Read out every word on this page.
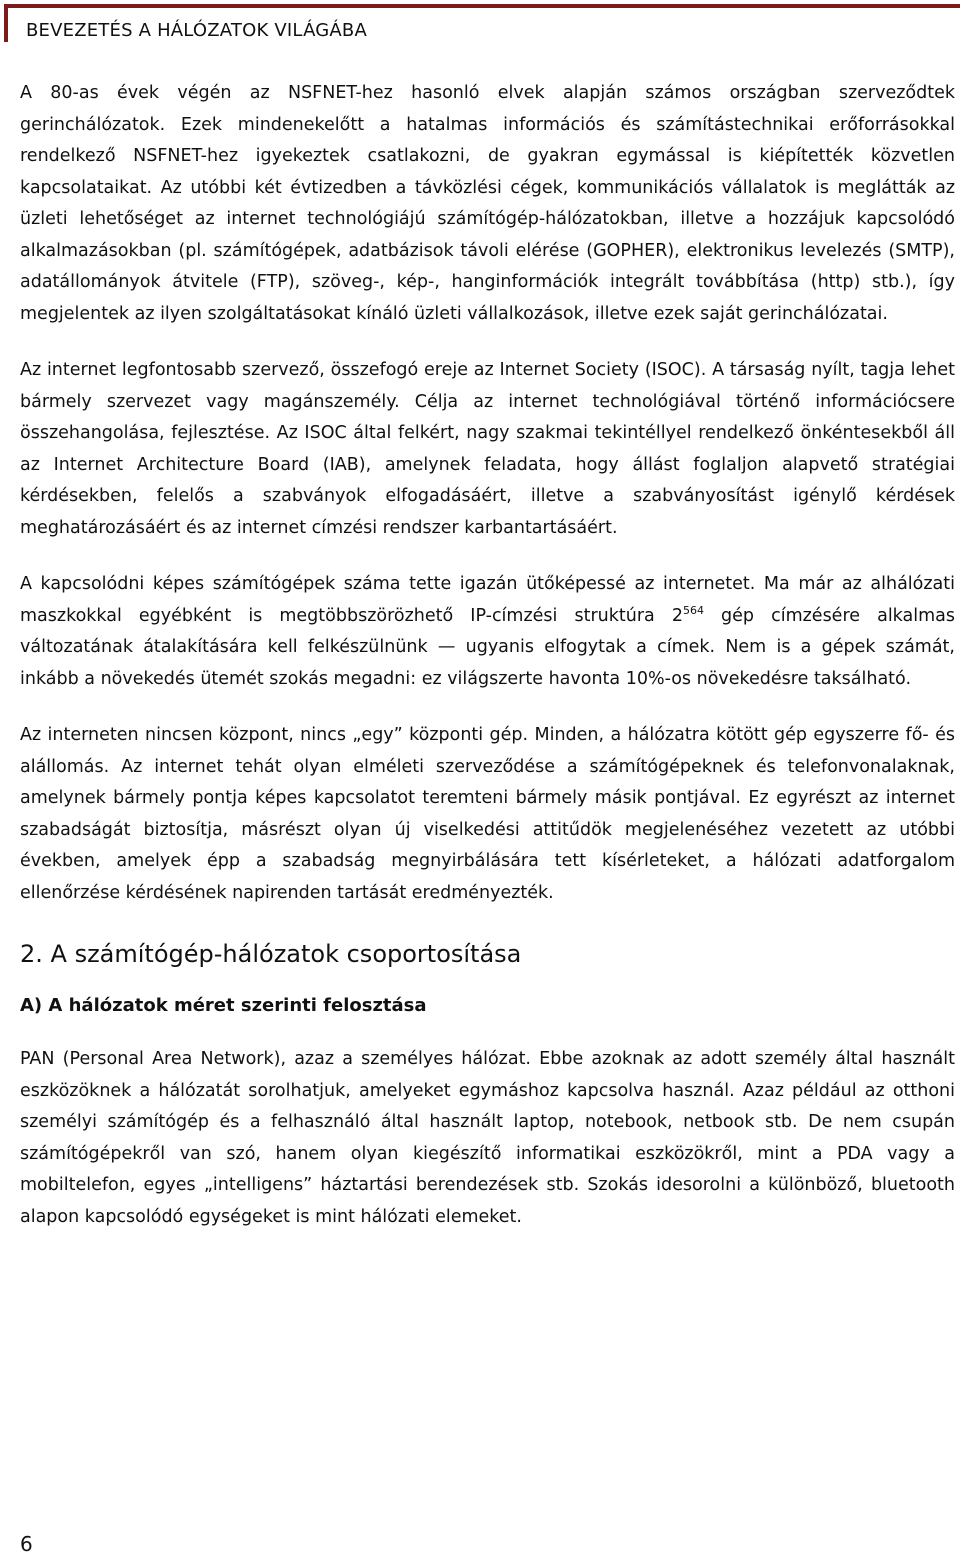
BEVEZETÉS A HÁLÓZATOK VILÁGÁBA

A 80-as évek végén az NSFNET-hez hasonló elvek alapján számos országban szerveződtek gerinchálózatok. Ezek mindenekelőtt a hatalmas információs és számítástechnikai erőforrásokkal rendelkező NSFNET-hez igyekeztek csatlakozni, de gyakran egymással is kiépítették közvetlen kapcsolataikat. Az utóbbi két évtizedben a távközlési cégek, kommunikációs vállalatok is meglátták az üzleti lehetőséget az internet technológiájú számítógép-hálózatokban, illetve a hozzájuk kapcsolódó alkalmazásokban (pl. számítógépek, adatbázisok távoli elérése (GOPHER), elektronikus levelezés (SMTP), adatállományok átvitele (FTP), szöveg-, kép-, hanginformációk integrált továbbítása (http) stb.), így megjelentek az ilyen szolgáltatásokat kínáló üzleti vállalkozások, illetve ezek saját gerinchálózatai.

Az internet legfontosabb szervező, összefogó ereje az Internet Society (ISOC). A társaság nyílt, tagja lehet bármely szervezet vagy magánszemély. Célja az internet technológiával történő információcsere összehangolása, fejlesztése. Az ISOC által felkért, nagy szakmai tekintéllyel rendelkező önkéntesekből áll az Internet Architecture Board (IAB), amelynek feladata, hogy állást foglaljon alapvető stratégiai kérdésekben, felelős a szabványok elfogadásáért, illetve a szabványosítást igénylő kérdések meghatározásáért és az internet címzési rendszer karbantartásáért.

A kapcsolódni képes számítógépek száma tette igazán ütőképessé az internetet. Ma már az alhálózati maszkokkal egyébként is megtöbbszörözhető IP-címzési struktúra $2^{564}$ gép címzésére alkalmas változatának átalakítására kell felkészülnünk — ugyanis elfogytak a címek. Nem is a gépek számát, inkább a növekedés ütemét szokás megadni: ez világszerte havonta 10%-os növekedésre taksálható.

Az interneten nincsen központ, nincs „egy” központi gép. Minden, a hálózatra kötött gép egyszerre fő- és alállomás. Az internet tehát olyan elméleti szerveződése a számítógépeknek és telefonvonalaknak, amelynek bármely pontja képes kapcsolatot teremteni bármely másik pontjával. Ez egyrészt az internet szabadságát biztosítja, másrészt olyan új viselkedési attitűdök megjelenéséhez vezetett az utóbbi években, amelyek épp a szabadság megnyirbálására tett kísérleteket, a hálózati adatforgalom ellenőrzése kérdésének napirenden tartását eredményezték.

2. A számítógép-hálózatok csoportosítása
A) A hálózatok méret szerinti felosztása

PAN (Personal Area Network), azaz a személyes hálózat. Ebbe azoknak az adott személy által használt eszközöknek a hálózatát sorolhatjuk, amelyeket egymáshoz kapcsolva használ. Azaz például az otthoni személyi számítógép és a felhasználó által használt laptop, notebook, netbook stb. De nem csupán számítógépekről van szó, hanem olyan kiegészítő informatikai eszközökről, mint a PDA vagy a mobiltelefon, egyes „intelligens” háztartási berendezések stb. Szokás idesorolni a különböző, bluetooth alapon kapcsolódó egységeket is mint hálózati elemeket.

6
